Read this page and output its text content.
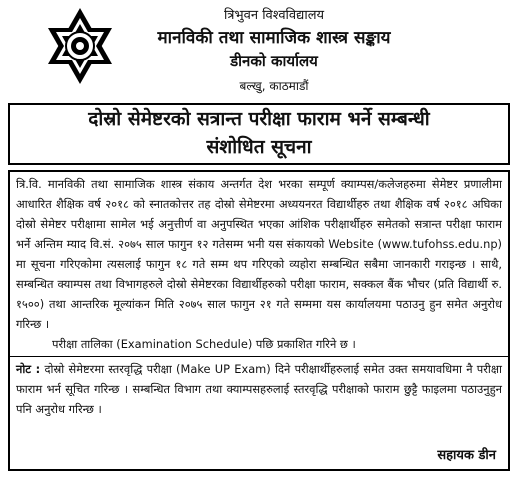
त्रिभुवन विश्वविद्यालय
मानविकी तथा सामाजिक शास्त्र सङ्काय
डीनको कार्यालय
बल्खु, काठमाडौं
दोस्रो सेमेष्टरको सत्रान्त परीक्षा फाराम भर्ने सम्बन्धी
संशोधित सूचना

त्रि.वि. मानविकी तथा सामाजिक शास्त्र संकाय अन्तर्गत देश भरका सम्पूर्ण क्याम्पस/कलेजहरुमा सेमेष्टर प्रणालीमा आधारित शैक्षिक वर्ष २०१८ को स्नातकोत्तर तह दोस्रो सेमेष्टरमा अध्ययनरत विद्यार्थीहरु तथा शैक्षिक वर्ष २०१८ अघिका दोस्रो सेमेष्टर परीक्षामा सामेल भई अनुत्तीर्ण वा अनुपस्थित भएका आंशिक परीक्षार्थीहरु समेतको सत्रान्त परीक्षा फाराम भर्ने अन्तिम म्याद वि.सं. २०७५ साल फागुन १२ गतेसम्म भनी यस संकायको Website (www.tufohss.edu.np) मा सूचना गरिएकोमा त्यसलाई फागुन १८ गते सम्म थप गरिएको व्यहोरा सम्बन्धित सबैमा जानकारी गराइन्छ । साथै, सम्बन्धित क्याम्पस तथा विभागहरुले दोस्रो सेमेष्टरका विद्यार्थीहरुको परीक्षा फाराम, सक्कल बैंक भौचर (प्रति विद्यार्थी रु. १५००) तथा आन्तरिक मूल्यांकन मिति २०७५ साल फागुन २१ गते सम्ममा यस कार्यालयमा पठाउनु हुन समेत अनुरोध गरिन्छ ।

परीक्षा तालिका (Examination Schedule) पछि प्रकाशित गरिने छ ।

नोट : दोस्रो सेमेष्टरमा स्तरवृद्धि परीक्षा (Make UP Exam) दिने परीक्षार्थीहरुलाई समेत उक्त समयावधिमा नै परीक्षा फाराम भर्न सूचित गरिन्छ । सम्बन्धित विभाग तथा क्याम्पसहरुलाई स्तरवृद्धि परीक्षाको फाराम छुट्टै फाइलमा पठाउनुहुन पनि अनुरोध गरिन्छ ।

सहायक डीन
